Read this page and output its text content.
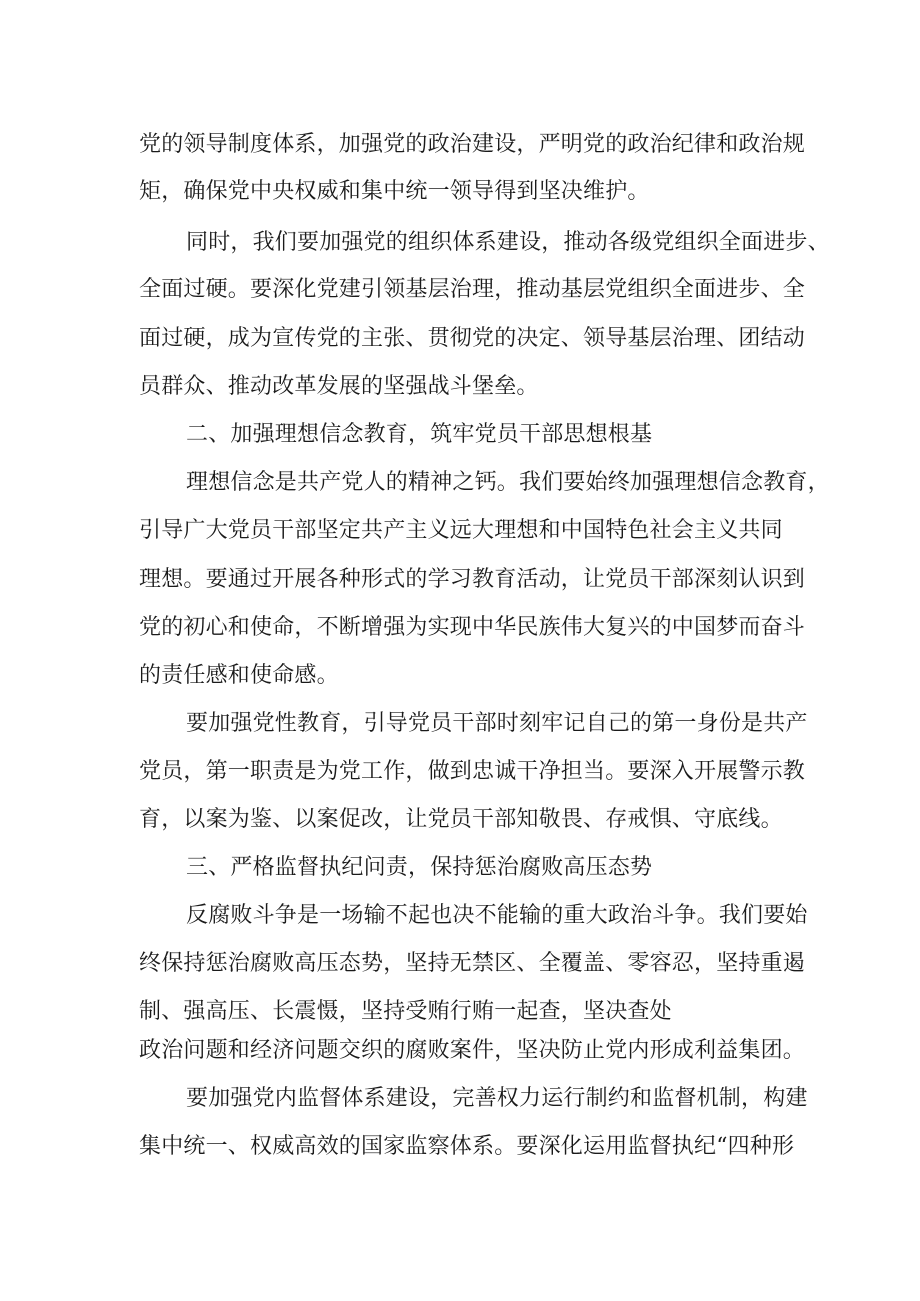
党的领导制度体系，加强党的政治建设，严明党的政治纪律和政治规
矩，确保党中央权威和集中统一领导得到坚决维护。
同时，我们要加强党的组织体系建设，推动各级党组织全面进步、
全面过硬。要深化党建引领基层治理，推动基层党组织全面进步、全
面过硬，成为宣传党的主张、贯彻党的决定、领导基层治理、团结动
员群众、推动改革发展的坚强战斗堡垒。
二、加强理想信念教育，筑牢党员干部思想根基
理想信念是共产党人的精神之钙。我们要始终加强理想信念教育，
引导广大党员干部坚定共产主义远大理想和中国特色社会主义共同
理想。要通过开展各种形式的学习教育活动，让党员干部深刻认识到
党的初心和使命，不断增强为实现中华民族伟大复兴的中国梦而奋斗
的责任感和使命感。
要加强党性教育，引导党员干部时刻牢记自己的第一身份是共产
党员，第一职责是为党工作，做到忠诚干净担当。要深入开展警示教
育，以案为鉴、以案促改，让党员干部知敬畏、存戒惧、守底线。
三、严格监督执纪问责，保持惩治腐败高压态势
反腐败斗争是一场输不起也决不能输的重大政治斗争。我们要始
终保持惩治腐败高压态势，坚持无禁区、全覆盖、零容忍，坚持重遏
制、强高压、长震慑，坚持受贿行贿一起查，坚决查处
政治问题和经济问题交织的腐败案件，坚决防止党内形成利益集团。
要加强党内监督体系建设，完善权力运行制约和监督机制，构建
集中统一、权威高效的国家监察体系。要深化运用监督执纪“四种形
